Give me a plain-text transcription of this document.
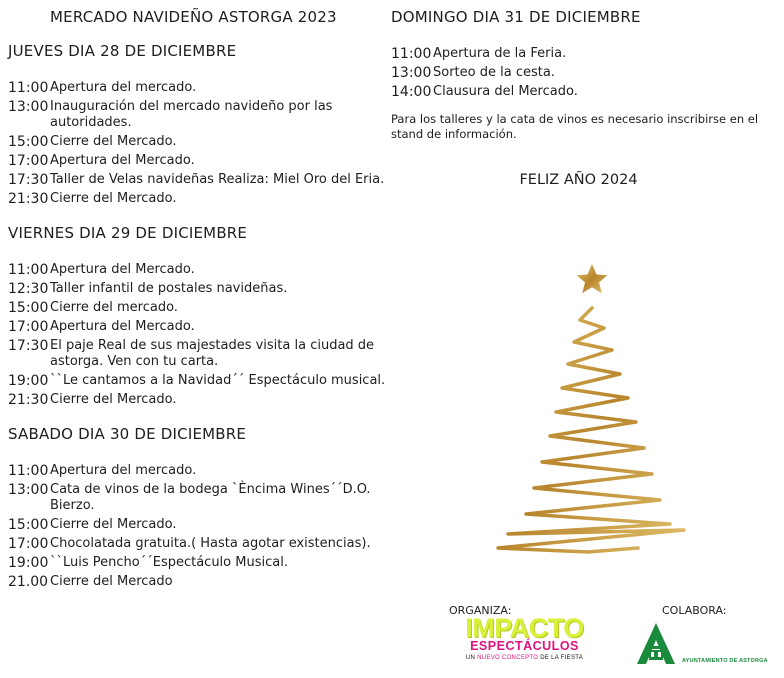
MERCADO NAVIDEÑO ASTORGA 2023
JUEVES DIA 28 DE DICIEMBRE
11:00 Apertura del mercado.
13:00 Inauguración del mercado navideño por las autoridades.
15:00 Cierre del Mercado.
17:00 Apertura del Mercado.
17:30 Taller de Velas navideñas Realiza: Miel Oro del Eria.
21:30 Cierre del Mercado.
VIERNES DIA 29 DE DICIEMBRE
11:00 Apertura del Mercado.
12:30 Taller infantil de postales navideñas.
15:00 Cierre del mercado.
17:00 Apertura del Mercado.
17:30 El paje Real de sus majestades visita la ciudad de astorga. Ven con tu carta.
19:00 ``Le cantamos a la Navidad´´ Espectáculo musical.
21:30 Cierre del Mercado.
SABADO DIA 30 DE DICIEMBRE
11:00 Apertura del mercado.
13:00 Cata de vinos de la bodega `Èncima Wines´´D.O. Bierzo.
15:00 Cierre del Mercado.
17:00 Chocolatada gratuita.( Hasta agotar existencias).
19:00 ``Luis Pencho´´Espectáculo Musical.
21.00 Cierre del Mercado
DOMINGO DIA 31 DE DICIEMBRE
11:00 Apertura de la Feria.
13:00 Sorteo de la cesta.
14:00 Clausura del Mercado.
Para los talleres y la cata de vinos es necesario inscribirse en el stand de información.
FELIZ AÑO 2024
ORGANIZA:	COLABORA:
IMPACTO
ESPECTÁCULOS
UN NUEVO CONCEPTO DE LA FIESTA	AYUNTAMIENTO DE ASTORGA
